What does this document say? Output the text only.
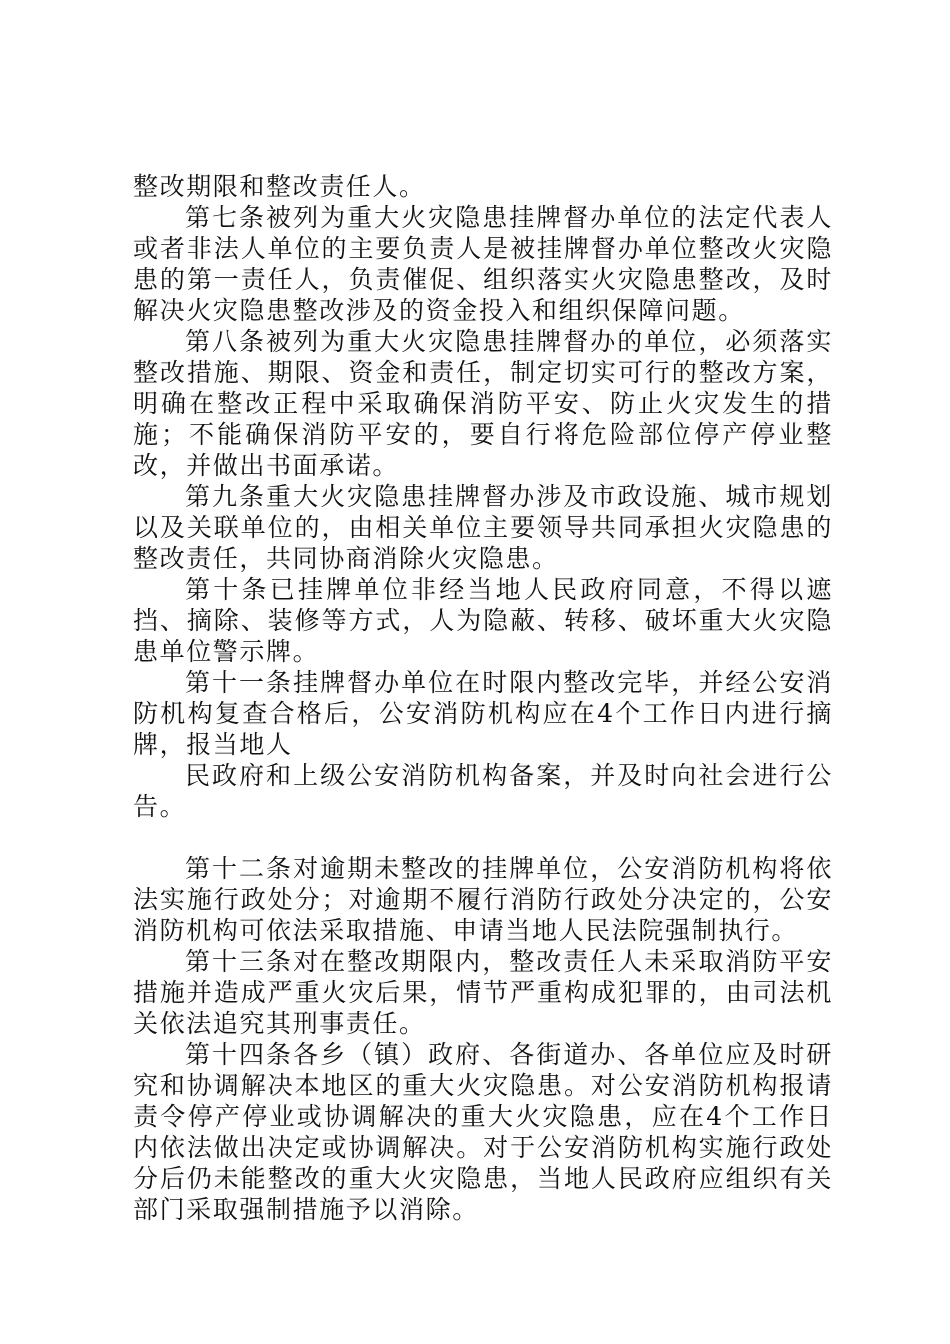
整改期限和整改责任人。

第七条被列为重大火灾隐患挂牌督办单位的法定代表人或者非法人单位的主要负责人是被挂牌督办单位整改火灾隐患的第一责任人，负责催促、组织落实火灾隐患整改，及时解决火灾隐患整改涉及的资金投入和组织保障问题。

第八条被列为重大火灾隐患挂牌督办的单位，必须落实整改措施、期限、资金和责任，制定切实可行的整改方案，明确在整改正程中采取确保消防平安、防止火灾发生的措施；不能确保消防平安的，要自行将危险部位停产停业整改，并做出书面承诺。

第九条重大火灾隐患挂牌督办涉及市政设施、城市规划以及关联单位的，由相关单位主要领导共同承担火灾隐患的整改责任，共同协商消除火灾隐患。

第十条已挂牌单位非经当地人民政府同意，不得以遮挡、摘除、装修等方式，人为隐蔽、转移、破坏重大火灾隐患单位警示牌。

第十一条挂牌督办单位在时限内整改完毕，并经公安消防机构复查合格后，公安消防机构应在4个工作日内进行摘牌，报当地人

民政府和上级公安消防机构备案，并及时向社会进行公告。

第十二条对逾期未整改的挂牌单位，公安消防机构将依法实施行政处分；对逾期不履行消防行政处分决定的，公安消防机构可依法采取措施、申请当地人民法院强制执行。

第十三条对在整改期限内，整改责任人未采取消防平安措施并造成严重火灾后果，情节严重构成犯罪的，由司法机关依法追究其刑事责任。

第十四条各乡（镇）政府、各街道办、各单位应及时研究和协调解决本地区的重大火灾隐患。对公安消防机构报请责令停产停业或协调解决的重大火灾隐患，应在4个工作日内依法做出决定或协调解决。对于公安消防机构实施行政处分后仍未能整改的重大火灾隐患，当地人民政府应组织有关部门采取强制措施予以消除。
